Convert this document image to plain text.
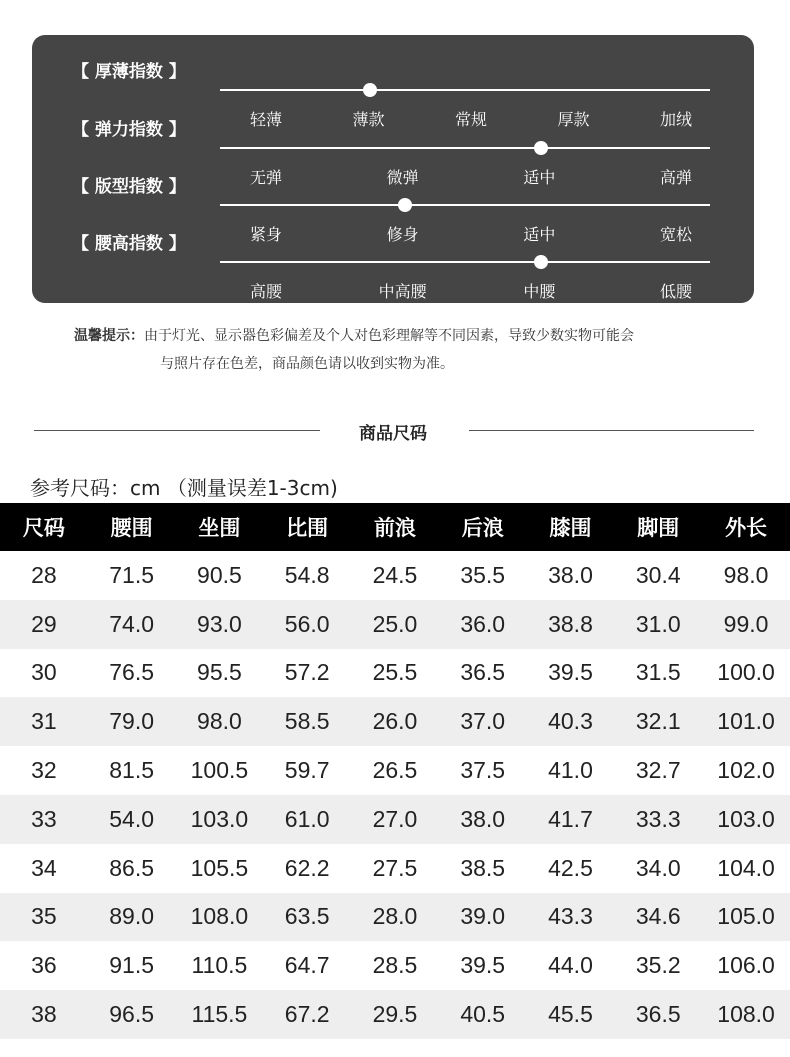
【 厚薄指数 】
轻薄	薄款	常规	厚款	加绒
【 弹力指数 】
无弹	微弹	适中	高弹
【 版型指数 】
紧身	修身	适中	宽松
【 腰高指数 】
高腰	中高腰	中腰	低腰
温馨提示：由于灯光、显示器色彩偏差及个人对色彩理解等不同因素，导致少数实物可能会
与照片存在色差，商品颜色请以收到实物为准。
商品尺码
参考尺码：cm （测量误差1-3cm)
尺码	腰围	坐围	比围	前浪	后浪	膝围	脚围	外长
28	71.5	90.5	54.8	24.5	35.5	38.0	30.4	98.0
29	74.0	93.0	56.0	25.0	36.0	38.8	31.0	99.0
30	76.5	95.5	57.2	25.5	36.5	39.5	31.5	100.0
31	79.0	98.0	58.5	26.0	37.0	40.3	32.1	101.0
32	81.5	100.5	59.7	26.5	37.5	41.0	32.7	102.0
33	54.0	103.0	61.0	27.0	38.0	41.7	33.3	103.0
34	86.5	105.5	62.2	27.5	38.5	42.5	34.0	104.0
35	89.0	108.0	63.5	28.0	39.0	43.3	34.6	105.0
36	91.5	110.5	64.7	28.5	39.5	44.0	35.2	106.0
38	96.5	115.5	67.2	29.5	40.5	45.5	36.5	108.0
